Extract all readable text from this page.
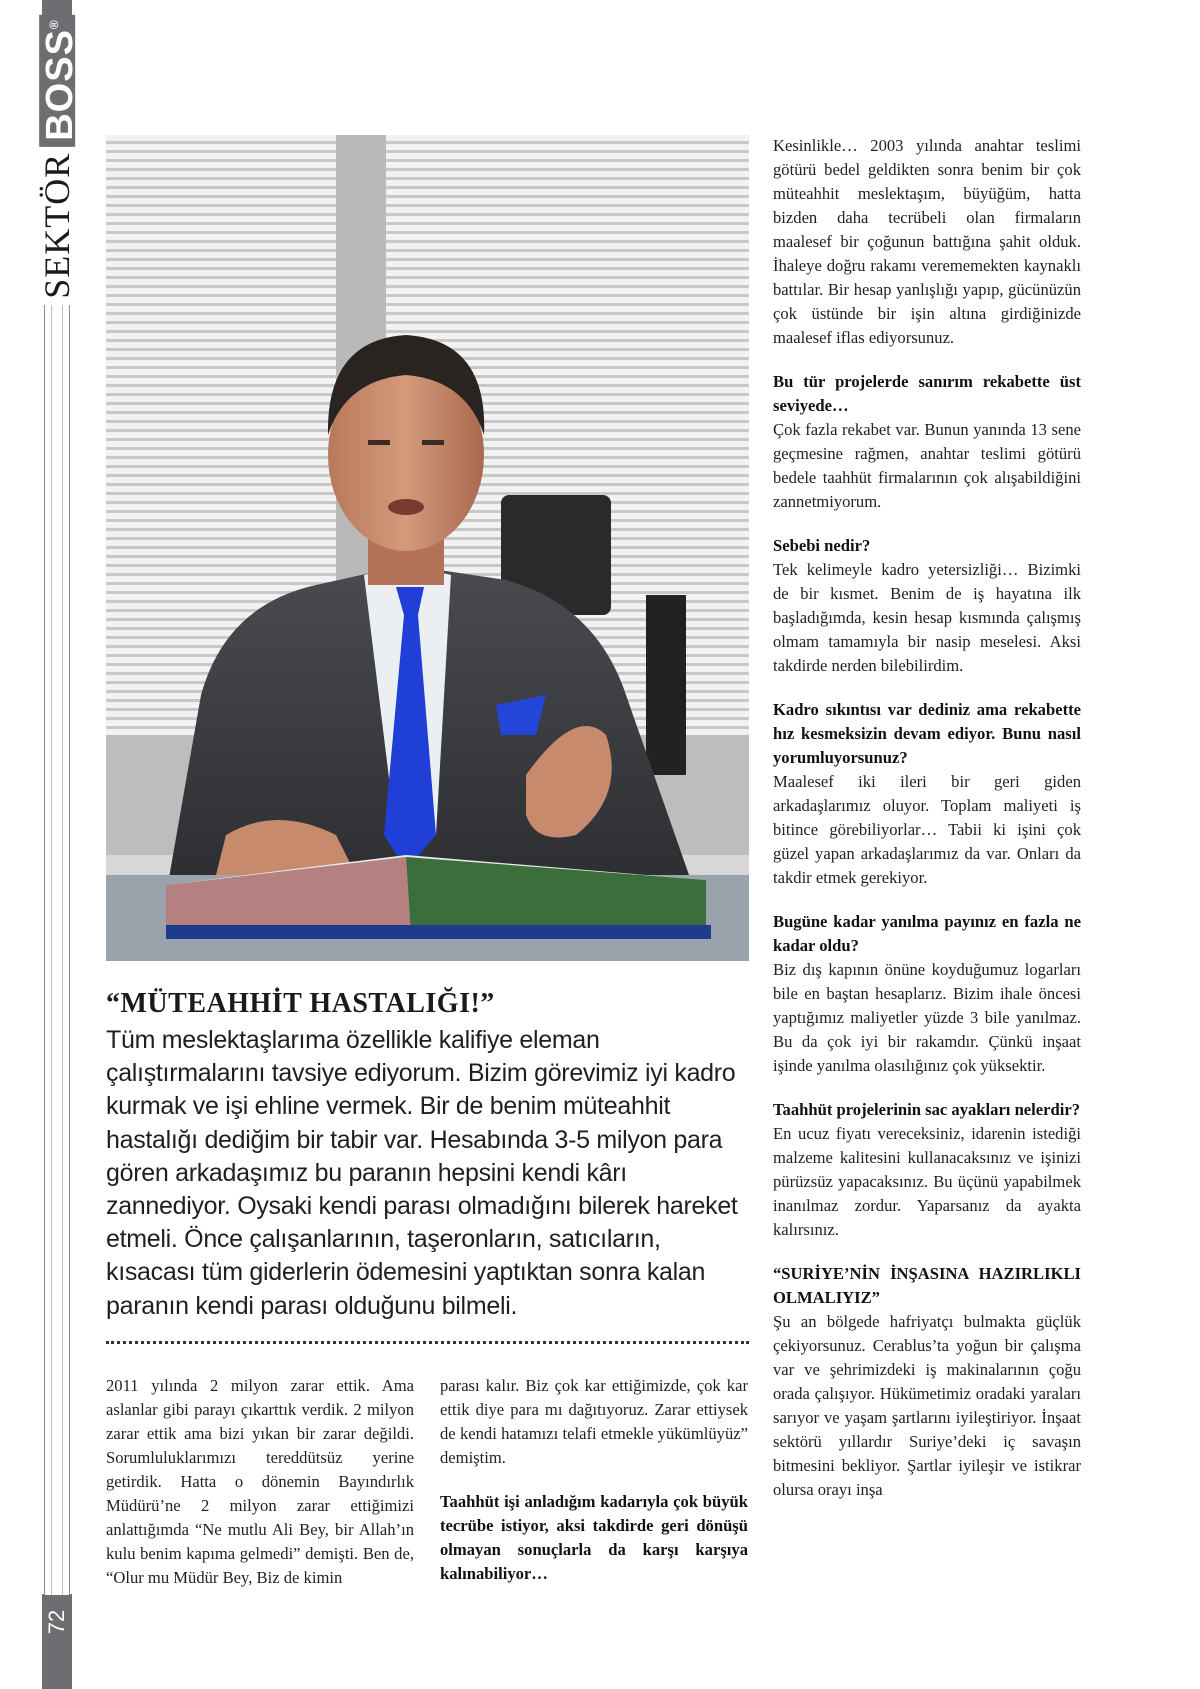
SEKTÖR
BOSS®
72
“MÜTEAHHİT HASTALIĞI!”

Tüm meslektaşlarıma özellikle kalifiye eleman çalıştırmalarını tavsiye ediyorum. Bizim görevimiz iyi kadro kurmak ve işi ehline vermek. Bir de benim müteahhit hastalığı dediğim bir tabir var. Hesabında 3-5 milyon para gören arkadaşımız bu paranın hepsini kendi kârı zannediyor. Oysaki kendi parası olmadığını bilerek hareket etmeli. Önce çalışanlarının, taşeronların, satıcıların, kısacası tüm giderlerin ödemesini yaptıktan sonra kalan paranın kendi parası olduğunu bilmeli.

2011 yılında 2 milyon zarar ettik. Ama aslanlar gibi parayı çıkarttık verdik. 2 milyon zarar ettik ama bizi yıkan bir zarar değildi. Sorumluluklarımızı tereddütsüz yerine getirdik. Hatta o dönemin Bayındırlık Müdürü’ne 2 milyon zarar ettiğimizi anlattığımda “Ne mutlu Ali Bey, bir Allah’ın kulu benim kapıma gelmedi” demişti. Ben de, “Olur mu Müdür Bey, Biz de kimin

parası kalır. Biz çok kar ettiğimizde, çok kar ettik diye para mı dağıtıyoruz. Zarar ettiysek de kendi hatamızı telafi etmekle yükümlüyüz” demiştim.

Taahhüt işi anladığım kadarıyla çok büyük tecrübe istiyor, aksi takdirde geri dönüşü olmayan sonuçlarla da karşı karşıya kalınabiliyor…

Kesinlikle… 2003 yılında anahtar teslimi götürü bedel geldikten sonra benim bir çok müteahhit meslektaşım, büyüğüm, hatta bizden daha tecrübeli olan firmaların maalesef bir çoğunun battığına şahit olduk. İhaleye doğru rakamı verememekten kaynaklı battılar. Bir hesap yanlışlığı yapıp, gücünüzün çok üstünde bir işin altına girdiğinizde maalesef iflas ediyorsunuz.

Bu tür projelerde sanırım rekabette üst seviyede…

Çok fazla rekabet var. Bunun yanında 13 sene geçmesine rağmen, anahtar teslimi götürü bedele taahhüt firmalarının çok alışabildiğini zannetmiyorum.

Sebebi nedir?

Tek kelimeyle kadro yetersizliği… Bizimki de bir kısmet. Benim de iş hayatına ilk başladığımda, kesin hesap kısmında çalışmış olmam tamamıyla bir nasip meselesi. Aksi takdirde nerden bilebilirdim.

Kadro sıkıntısı var dediniz ama rekabette hız kesmeksizin devam ediyor. Bunu nasıl yorumluyorsunuz?

Maalesef iki ileri bir geri giden arkadaşlarımız oluyor. Toplam maliyeti iş bitince görebiliyorlar… Tabii ki işini çok güzel yapan arkadaşlarımız da var. Onları da takdir etmek gerekiyor.

Bugüne kadar yanılma payınız en fazla ne kadar oldu?

Biz dış kapının önüne koyduğumuz logarları bile en baştan hesaplarız. Bizim ihale öncesi yaptığımız maliyetler yüzde 3 bile yanılmaz. Bu da çok iyi bir rakamdır. Çünkü inşaat işinde yanılma olasılığınız çok yüksektir.

Taahhüt projelerinin sac ayakları nelerdir?

En ucuz fiyatı vereceksiniz, idarenin istediği malzeme kalitesini kullanacaksınız ve işinizi pürüzsüz yapacaksınız. Bu üçünü yapabilmek inanılmaz zordur. Yaparsanız da ayakta kalırsınız.

“SURİYE’NİN İNŞASINA HAZIRLIKLI OLMALIYIZ”

Şu an bölgede hafriyatçı bulmakta güçlük çekiyorsunuz. Cerablus’ta yoğun bir çalışma var ve şehrimizdeki iş makinalarının çoğu orada çalışıyor. Hükümetimiz oradaki yaraları sarıyor ve yaşam şartlarını iyileştiriyor. İnşaat sektörü yıllardır Suriye’deki iç savaşın bitmesini bekliyor. Şartlar iyileşir ve istikrar olursa orayı inşa
